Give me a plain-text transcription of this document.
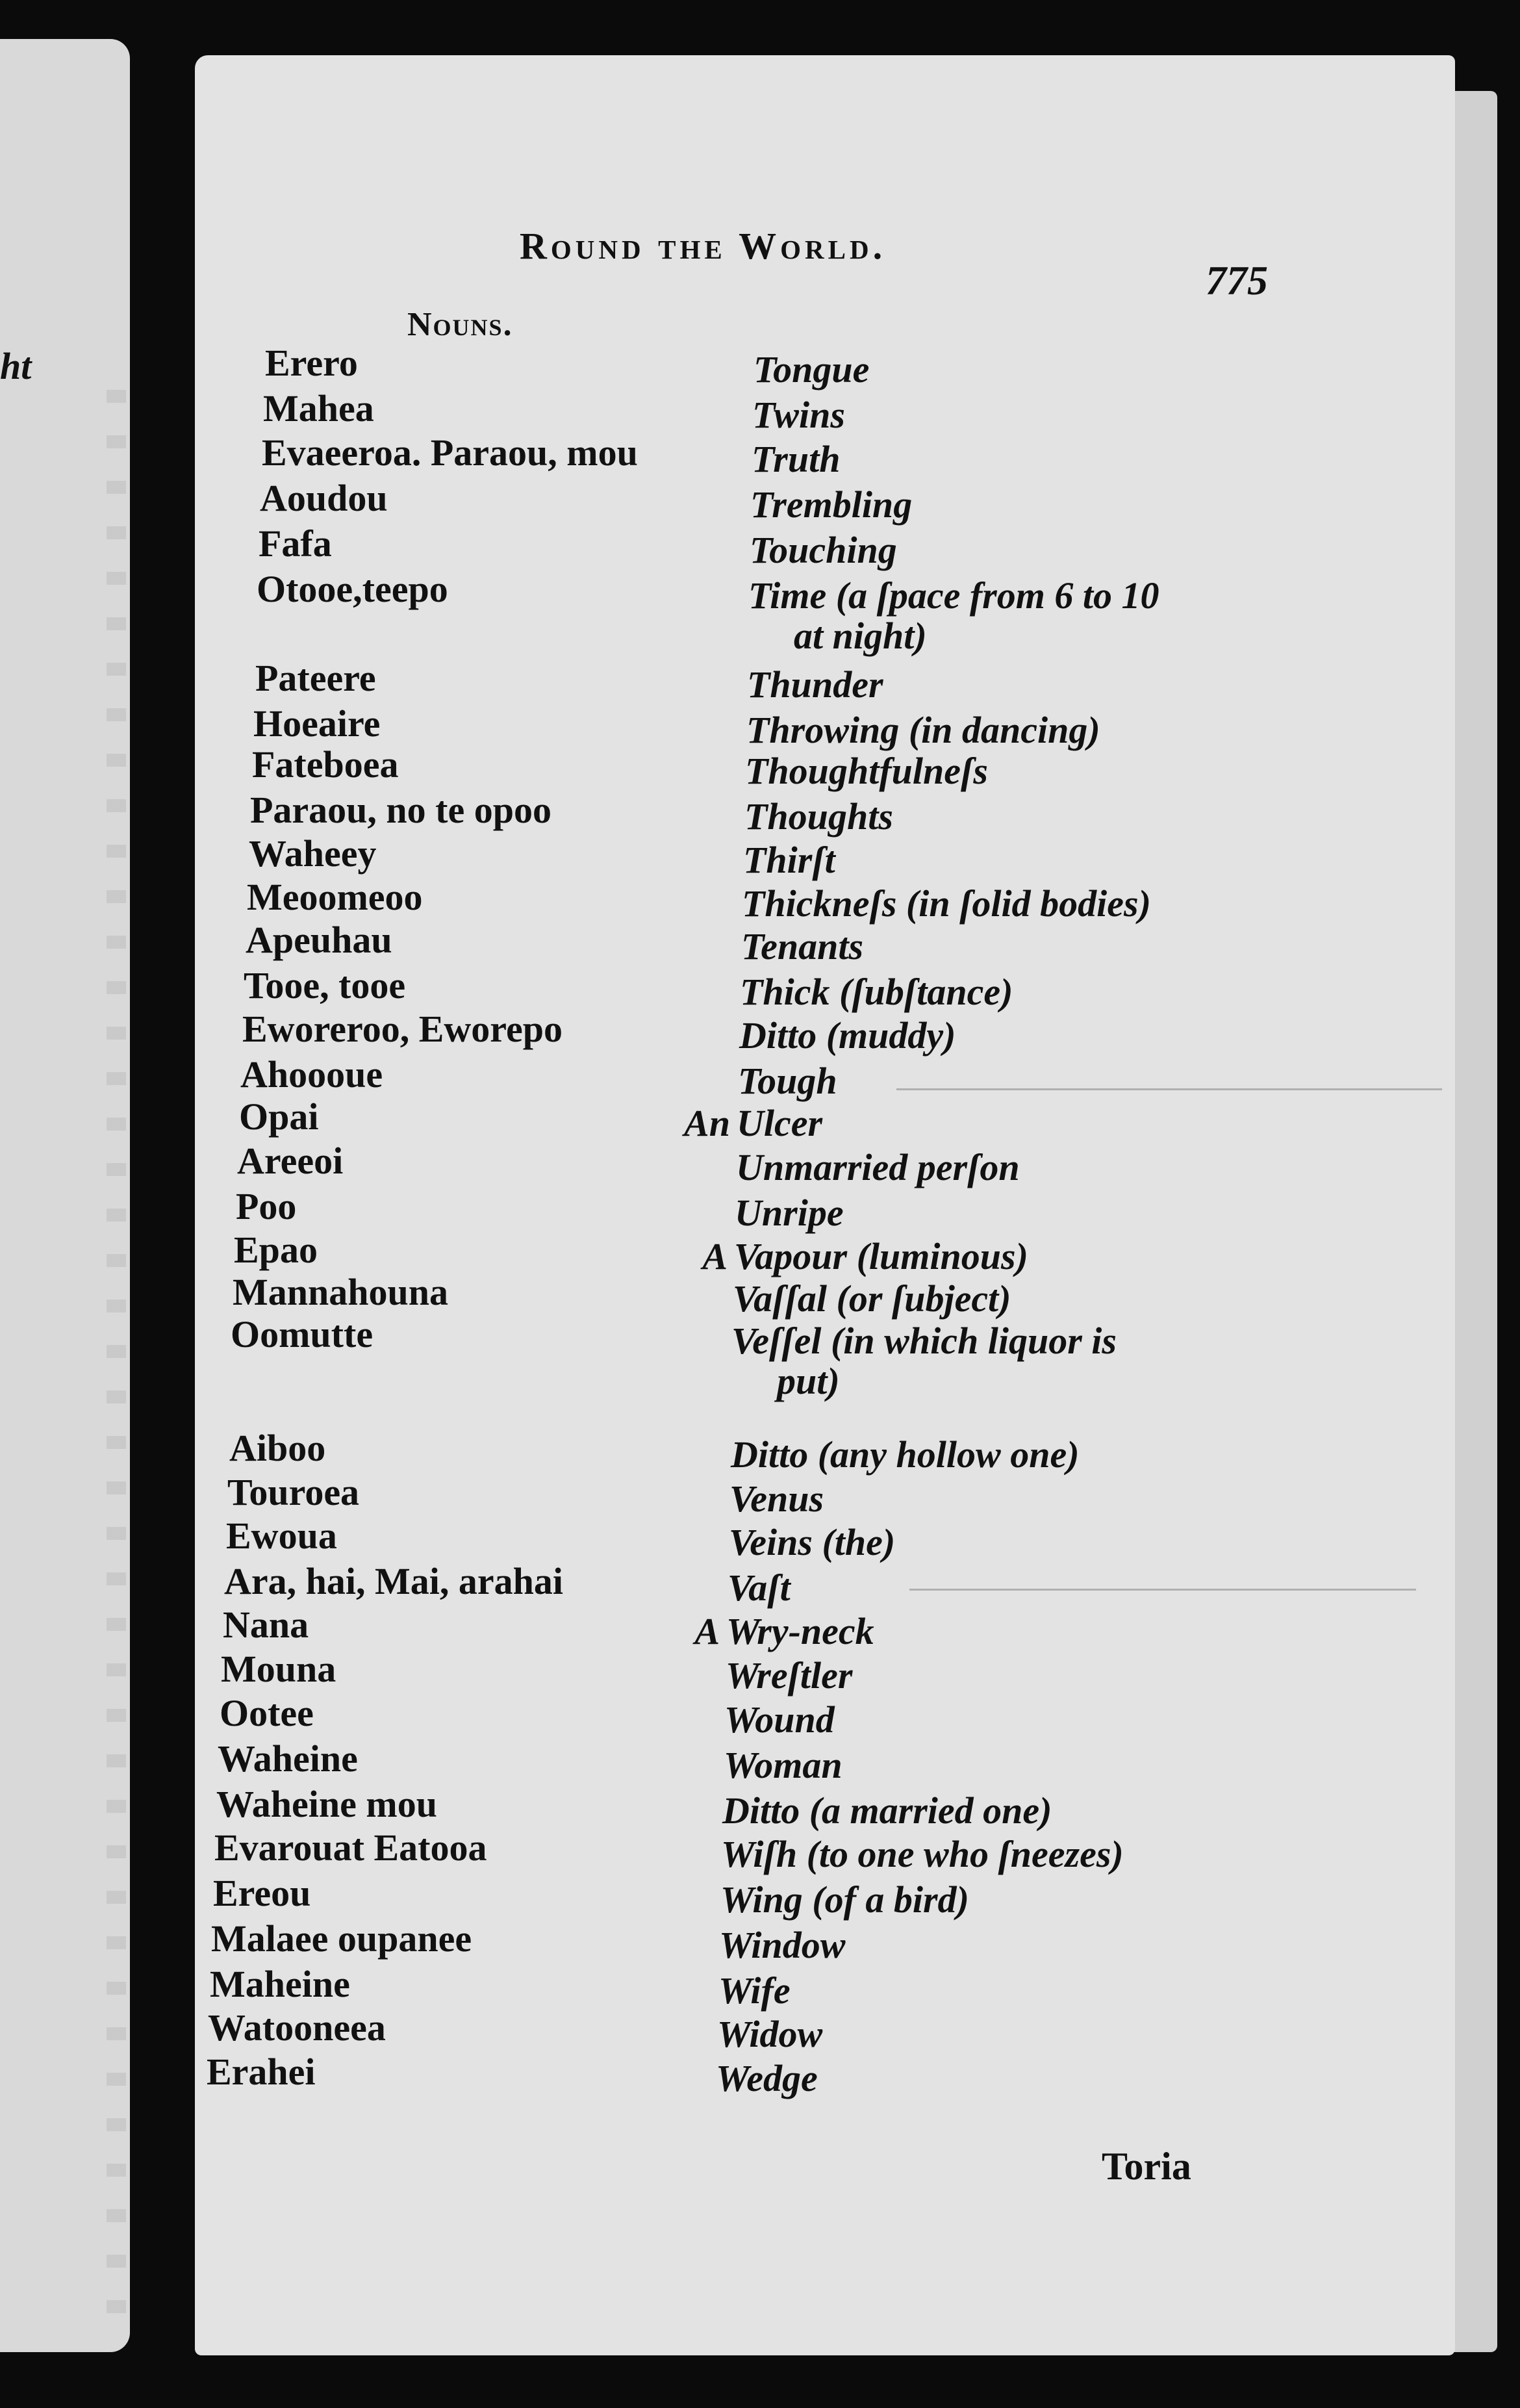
ht
Round the World.
775
Nouns.
Erero	Tongue
Mahea	Twins
Evaeeroa. Paraou, mou	Truth
Aoudou	Trembling
Fafa	Touching
Otooe,teepo	Time (a ſpace from 6 to 10
at night)
Pateere	Thunder
Hoeaire	Throwing (in dancing)
Fateboea	Thoughtfulneſs
Paraou, no te opoo	Thoughts
Waheey	Thirſt
Meoomeoo	Thickneſs (in ſolid bodies)
Apeuhau	Tenants
Tooe, tooe	Thick (ſubſtance)
Eworeroo, Eworepo	Ditto (muddy)
Ahoooue	Tough
Opai	An Ulcer
Areeoi	Unmarried perſon
Poo	Unripe
Epao	A Vapour (luminous)
Mannahouna	Vaſſal (or ſubject)
Oomutte	Veſſel (in which liquor is
put)
Aiboo	Ditto (any hollow one)
Touroea	Venus
Ewoua	Veins (the)
Ara, hai, Mai, arahai	Vaſt
Nana	A Wry-neck
Mouna	Wreſtler
Ootee	Wound
Waheine	Woman
Waheine mou	Ditto (a married one)
Evarouat Eatooa	Wiſh (to one who ſneezes)
Ereou	Wing (of a bird)
Malaee oupanee	Window
Maheine	Wife
Watooneea	Widow
Erahei	Wedge
Toria
